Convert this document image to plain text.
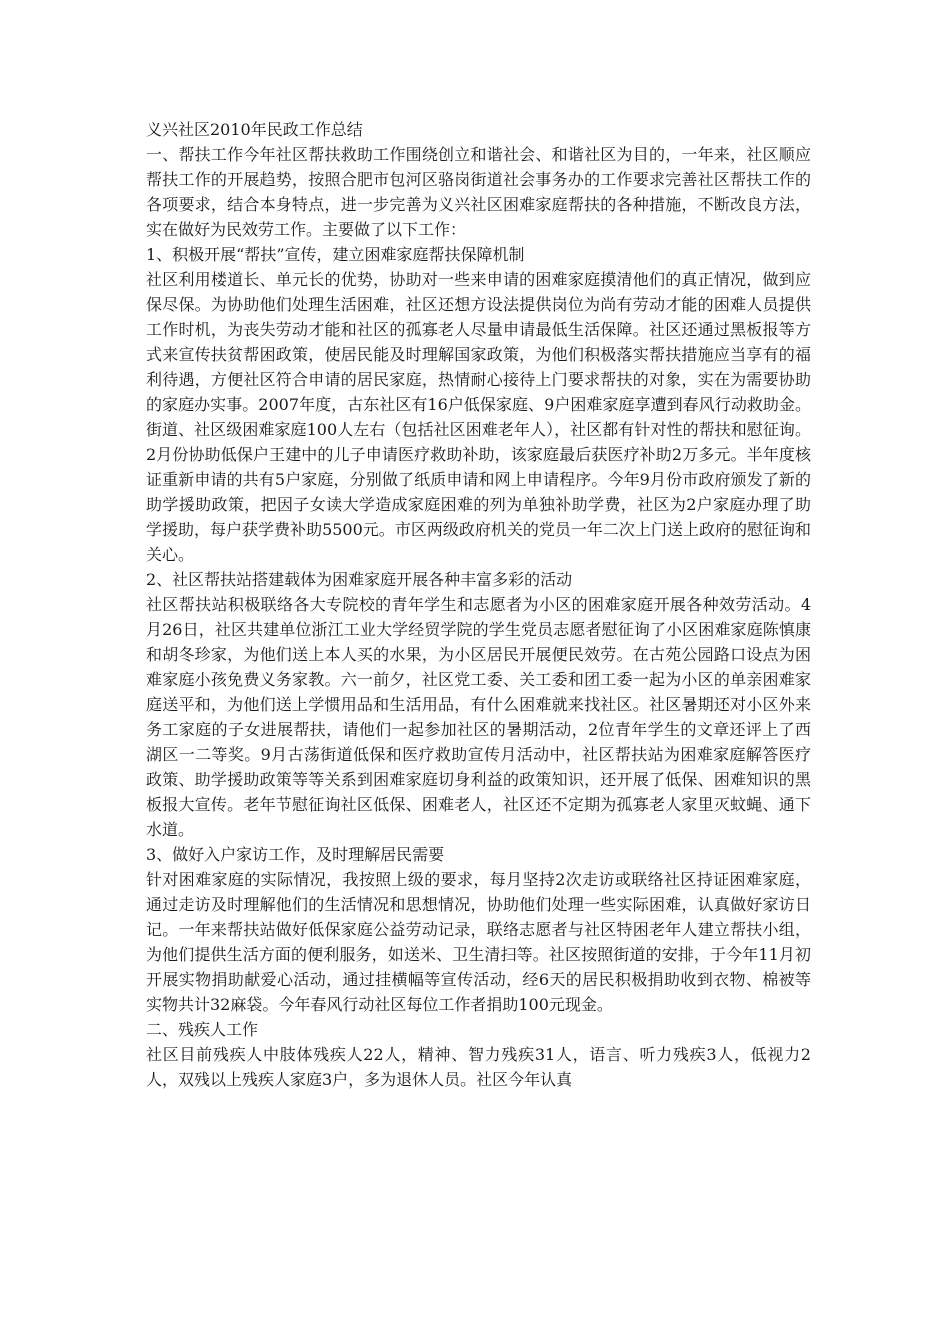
义兴社区2010年民政工作总结

一、帮扶工作今年社区帮扶救助工作围绕创立和谐社会、和谐社区为目的，一年来，社区顺应帮扶工作的开展趋势，按照合肥市包河区骆岗街道社会事务办的工作要求完善社区帮扶工作的各项要求，结合本身特点，进一步完善为义兴社区困难家庭帮扶的各种措施，不断改良方法，实在做好为民效劳工作。主要做了以下工作：

1、积极开展“帮扶”宣传，建立困难家庭帮扶保障机制

社区利用楼道长、单元长的优势，协助对一些来申请的困难家庭摸清他们的真正情况，做到应保尽保。为协助他们处理生活困难，社区还想方设法提供岗位为尚有劳动才能的困难人员提供工作时机，为丧失劳动才能和社区的孤寡老人尽量申请最低生活保障。社区还通过黑板报等方式来宣传扶贫帮困政策，使居民能及时理解国家政策，为他们积极落实帮扶措施应当享有的福利待遇，方便社区符合申请的居民家庭，热情耐心接待上门要求帮扶的对象，实在为需要协助的家庭办实事。2007年度，古东社区有16户低保家庭、9户困难家庭享遭到春风行动救助金。街道、社区级困难家庭100人左右（包括社区困难老年人），社区都有针对性的帮扶和慰征询。2月份协助低保户王建中的儿子申请医疗救助补助，该家庭最后获医疗补助2万多元。半年度核证重新申请的共有5户家庭，分别做了纸质申请和网上申请程序。今年9月份市政府颁发了新的助学援助政策，把因子女读大学造成家庭困难的列为单独补助学费，社区为2户家庭办理了助学援助，每户获学费补助5500元。市区两级政府机关的党员一年二次上门送上政府的慰征询和关心。

2、社区帮扶站搭建载体为困难家庭开展各种丰富多彩的活动

社区帮扶站积极联络各大专院校的青年学生和志愿者为小区的困难家庭开展各种效劳活动。4月26日，社区共建单位浙江工业大学经贸学院的学生党员志愿者慰征询了小区困难家庭陈慎康和胡冬珍家，为他们送上本人买的水果，为小区居民开展便民效劳。在古苑公园路口设点为困难家庭小孩免费义务家教。六一前夕，社区党工委、关工委和团工委一起为小区的单亲困难家庭送平和，为他们送上学惯用品和生活用品，有什么困难就来找社区。社区暑期还对小区外来务工家庭的子女进展帮扶，请他们一起参加社区的暑期活动，2位青年学生的文章还评上了西湖区一二等奖。9月古荡街道低保和医疗救助宣传月活动中，社区帮扶站为困难家庭解答医疗政策、助学援助政策等等关系到困难家庭切身利益的政策知识，还开展了低保、困难知识的黑板报大宣传。老年节慰征询社区低保、困难老人，社区还不定期为孤寡老人家里灭蚊蝇、通下水道。

3、做好入户家访工作，及时理解居民需要

针对困难家庭的实际情况，我按照上级的要求，每月坚持2次走访或联络社区持证困难家庭，通过走访及时理解他们的生活情况和思想情况，协助他们处理一些实际困难，认真做好家访日记。一年来帮扶站做好低保家庭公益劳动记录，联络志愿者与社区特困老年人建立帮扶小组，为他们提供生活方面的便利服务，如送米、卫生清扫等。社区按照街道的安排，于今年11月初开展实物捐助献爱心活动，通过挂横幅等宣传活动，经6天的居民积极捐助收到衣物、棉被等实物共计32麻袋。今年春风行动社区每位工作者捐助100元现金。

二、残疾人工作

社区目前残疾人中肢体残疾人22人，精神、智力残疾31人，语言、听力残疾3人，低视力2人，双残以上残疾人家庭3户，多为退休人员。社区今年认真
